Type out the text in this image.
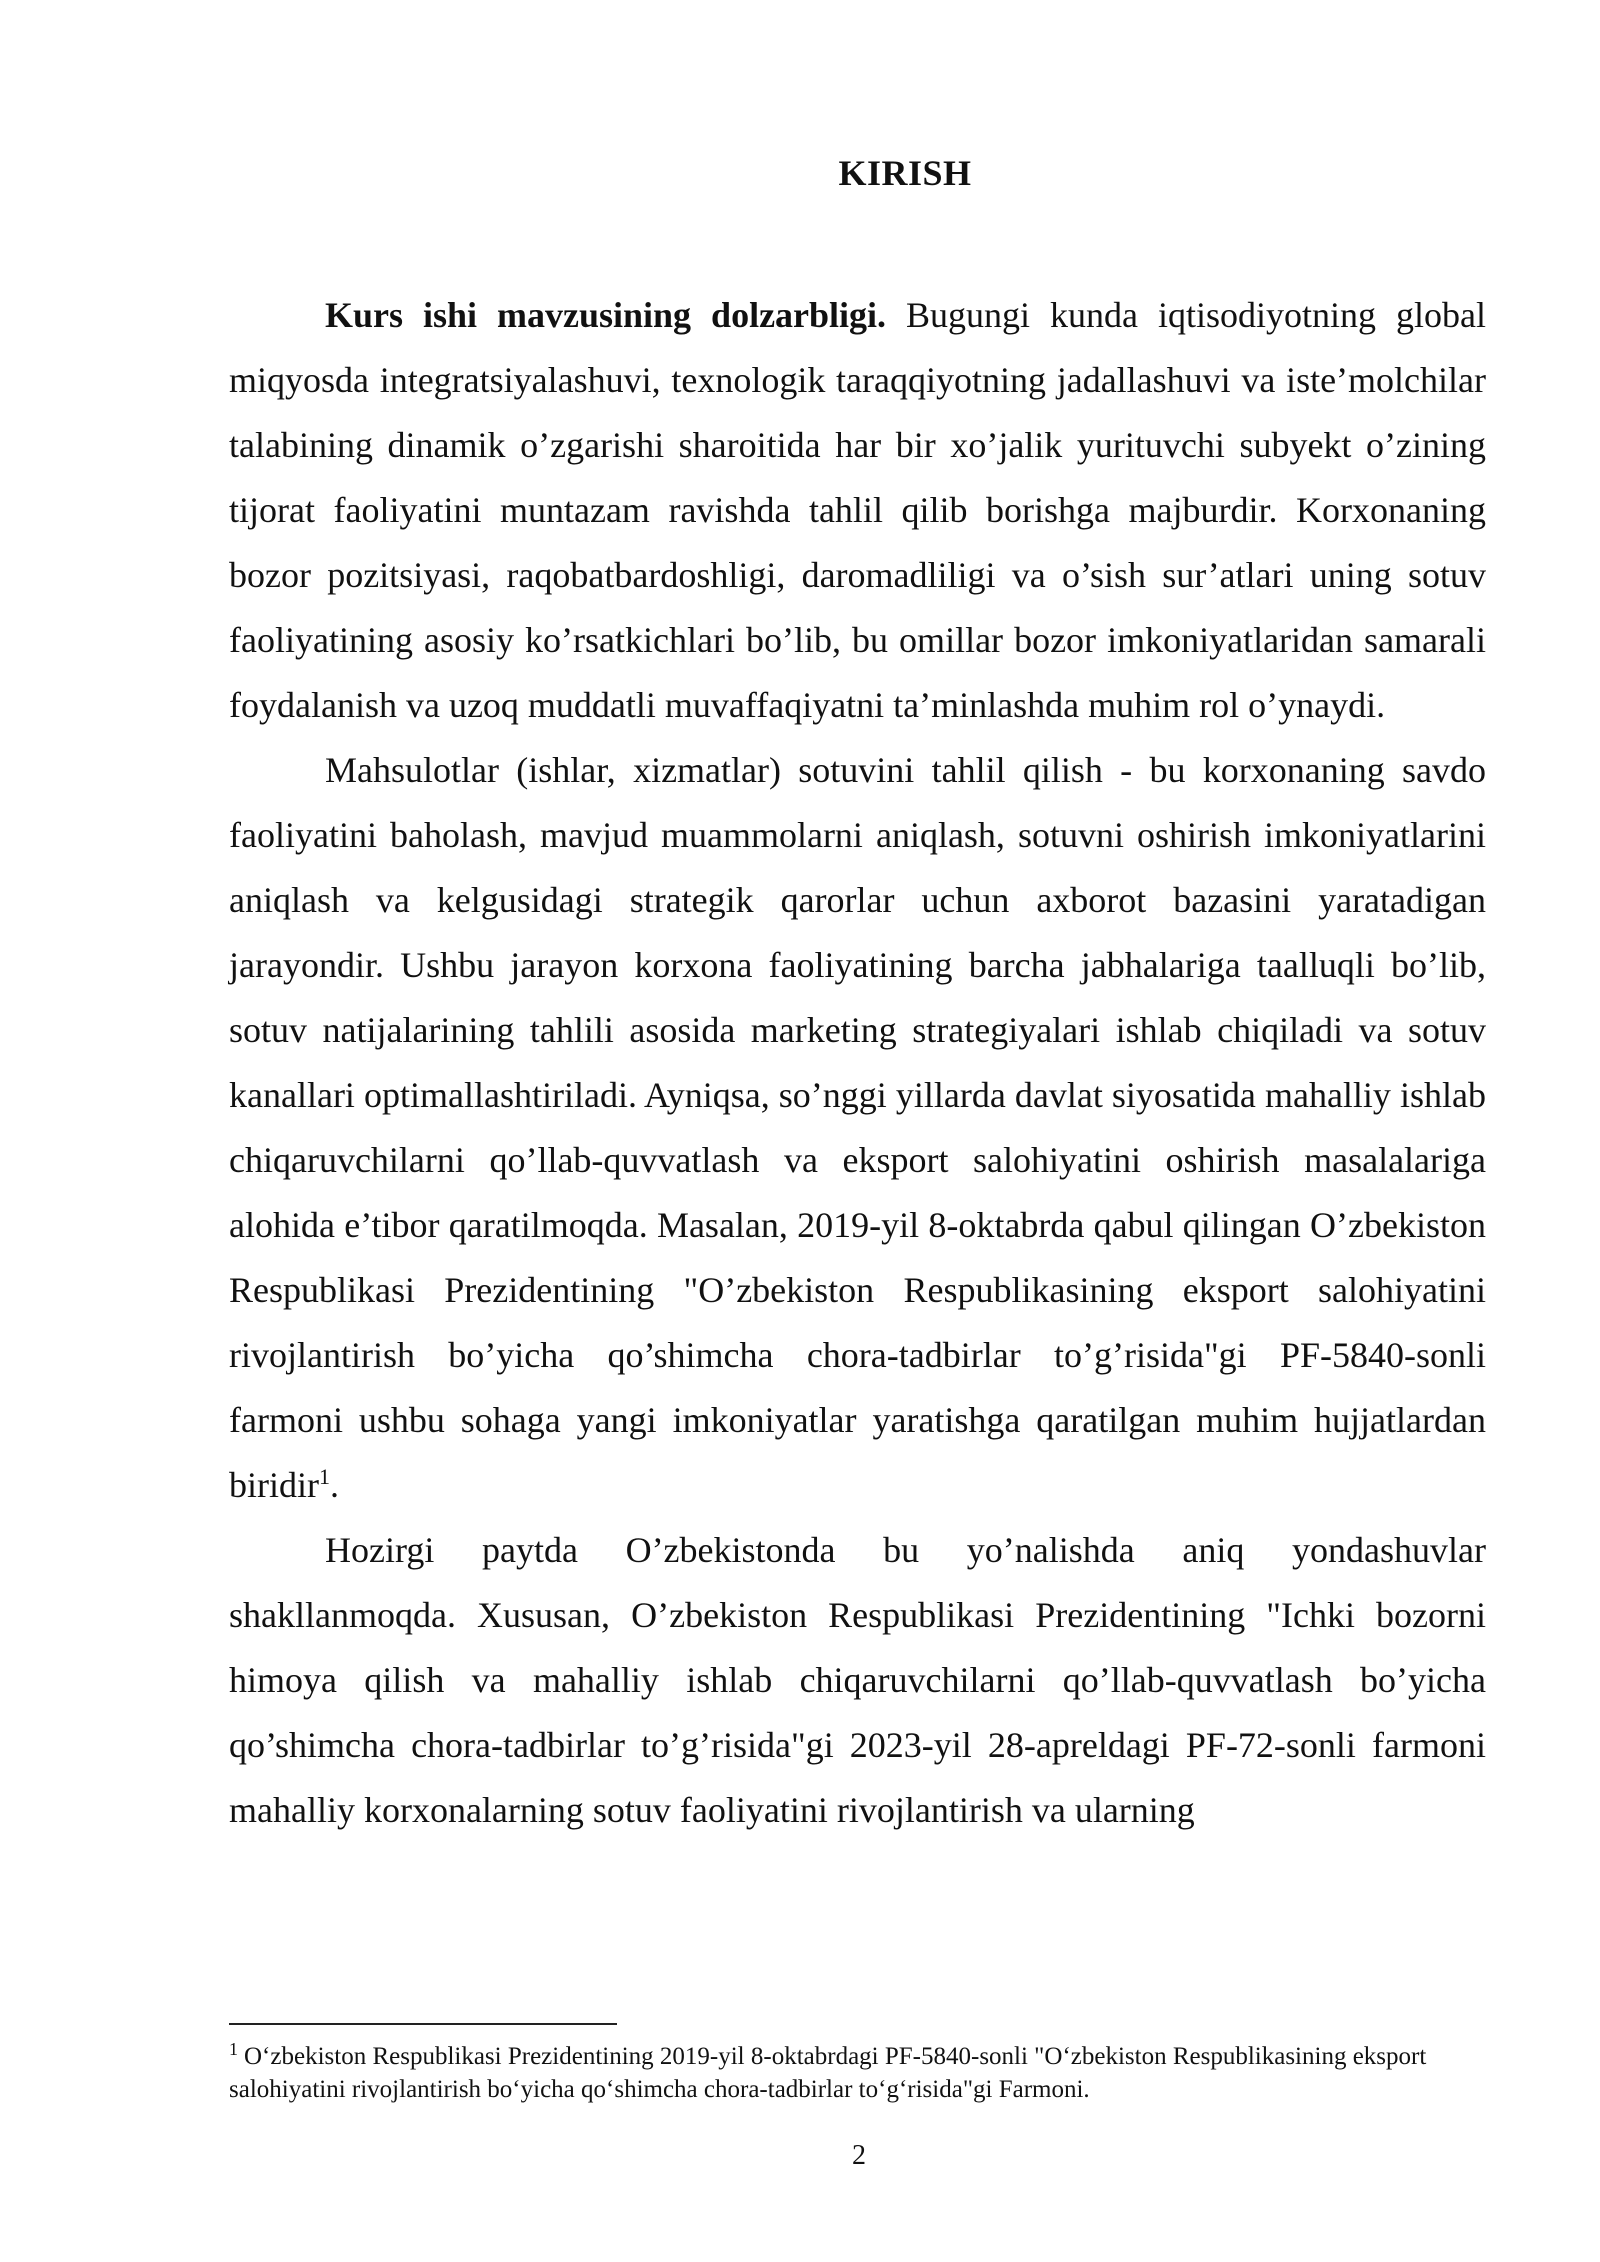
KIRISH

Kurs ishi mavzusining dolzarbligi. Bugungi kunda iqtisodiyotning global miqyosda integratsiyalashuvi, texnologik taraqqiyotning jadallashuvi va iste’molchilar talabining dinamik o’zgarishi sharoitida har bir xo’jalik yurituvchi subyekt o’zining tijorat faoliyatini muntazam ravishda tahlil qilib borishga majburdir. Korxonaning bozor pozitsiyasi, raqobatbardoshligi, daromadliligi va o’sish sur’atlari uning sotuv faoliyatining asosiy ko’rsatkichlari bo’lib, bu omillar bozor imkoniyatlaridan samarali foydalanish va uzoq muddatli muvaffaqiyatni ta’minlashda muhim rol o’ynaydi.

Mahsulotlar (ishlar, xizmatlar) sotuvini tahlil qilish - bu korxonaning savdo faoliyatini baholash, mavjud muammolarni aniqlash, sotuvni oshirish imkoniyatlarini aniqlash va kelgusidagi strategik qarorlar uchun axborot bazasini yaratadigan jarayondir. Ushbu jarayon korxona faoliyatining barcha jabhalariga taalluqli bo’lib, sotuv natijalarining tahlili asosida marketing strategiyalari ishlab chiqiladi va sotuv kanallari optimallashtiriladi. Ayniqsa, so’nggi yillarda davlat siyosatida mahalliy ishlab chiqaruvchilarni qo’llab-quvvatlash va eksport salohiyatini oshirish masalalariga alohida e’tibor qaratilmoqda. Masalan, 2019-yil 8-oktabrda qabul qilingan O’zbekiston Respublikasi Prezidentining "O’zbekiston Respublikasining eksport salohiyatini rivojlantirish bo’yicha qo’shimcha chora-tadbirlar to’g’risida"gi PF-5840-sonli farmoni ushbu sohaga yangi imkoniyatlar yaratishga qaratilgan muhim hujjatlardan biridir$^1$.

Hozirgi paytda O’zbekistonda bu yo’nalishda aniq yondashuvlar shakllanmoqda. Xususan, O’zbekiston Respublikasi Prezidentining "Ichki bozorni himoya qilish va mahalliy ishlab chiqaruvchilarni qo’llab-quvvatlash bo’yicha qo’shimcha chora-tadbirlar to’g’risida"gi 2023-yil 28-apreldagi PF-72-sonli farmoni mahalliy korxonalarning sotuv faoliyatini rivojlantirish va ularning

$^1$ O‘zbekiston Respublikasi Prezidentining 2019-yil 8-oktabrdagi PF-5840-sonli "O‘zbekiston Respublikasining eksport salohiyatini rivojlantirish bo‘yicha qo‘shimcha chora-tadbirlar to‘g‘risida"gi Farmoni.
2
